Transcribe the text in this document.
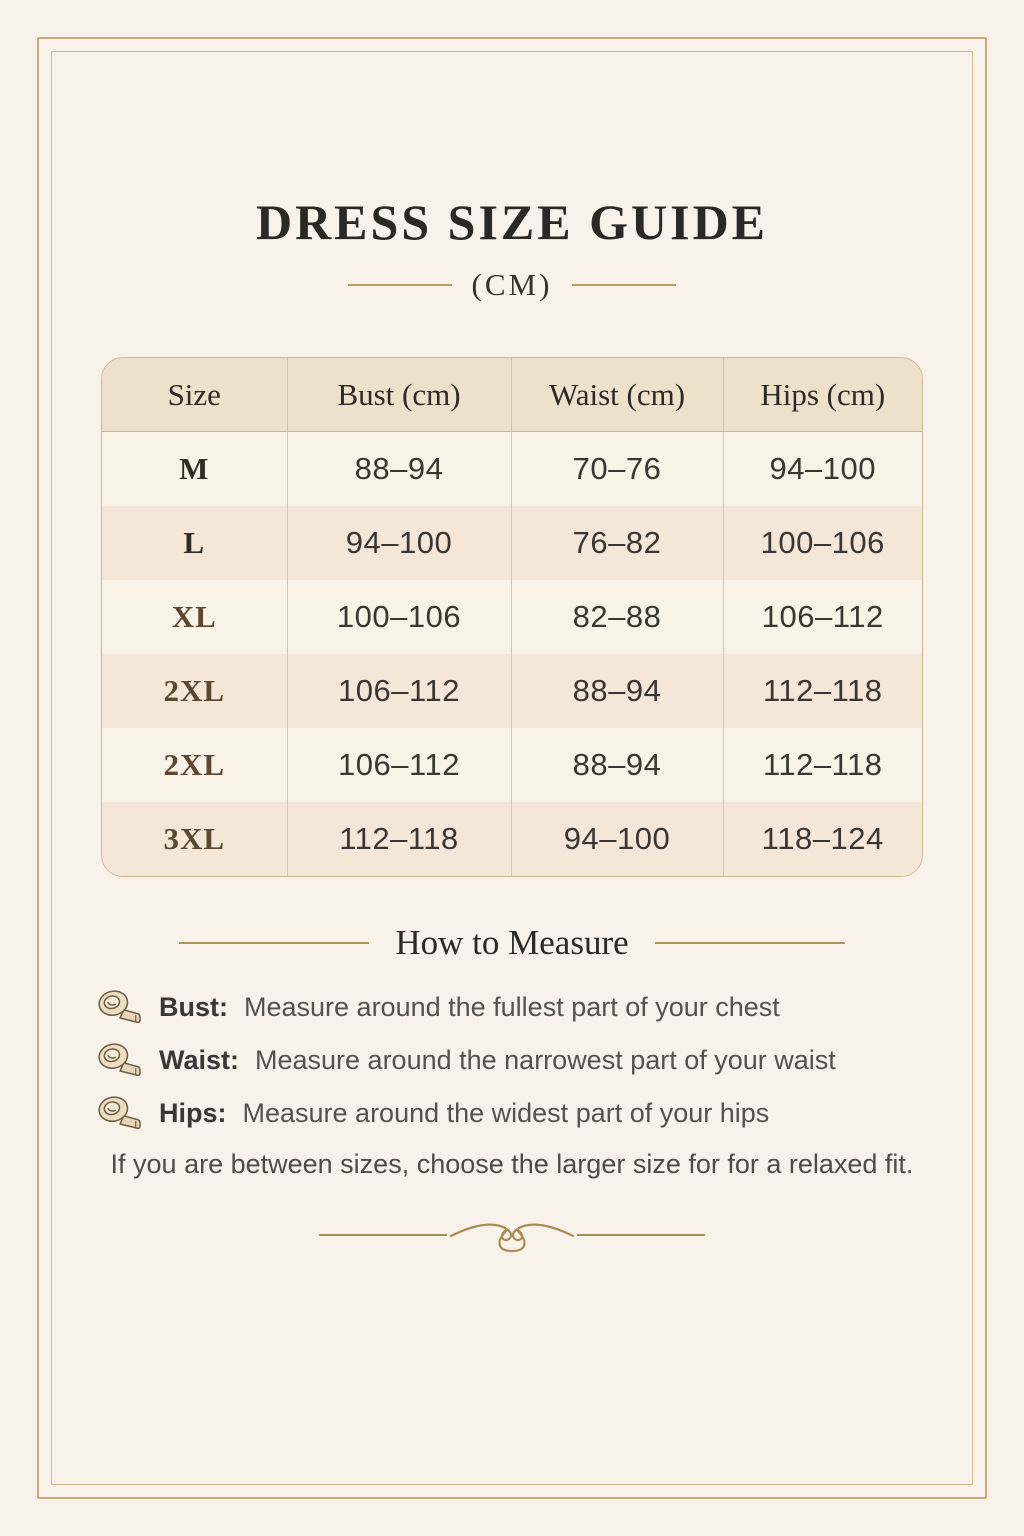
DRESS SIZE GUIDE
(CM)
Size	Bust (cm)	Waist (cm)	Hips (cm)
M	88–94	70–76	94–100
L	94–100	76–82	100–106
XL	100–106	82–88	106–112
2XL	106–112	88–94	112–118
2XL	106–112	88–94	112–118
3XL	112–118	94–100	118–124
How to Measure
Bust: Measure around the fullest part of your chest
Waist: Measure around the narrowest part of your waist
Hips: Measure around the widest part of your hips
If you are between sizes, choose the larger size for for a relaxed fit.
